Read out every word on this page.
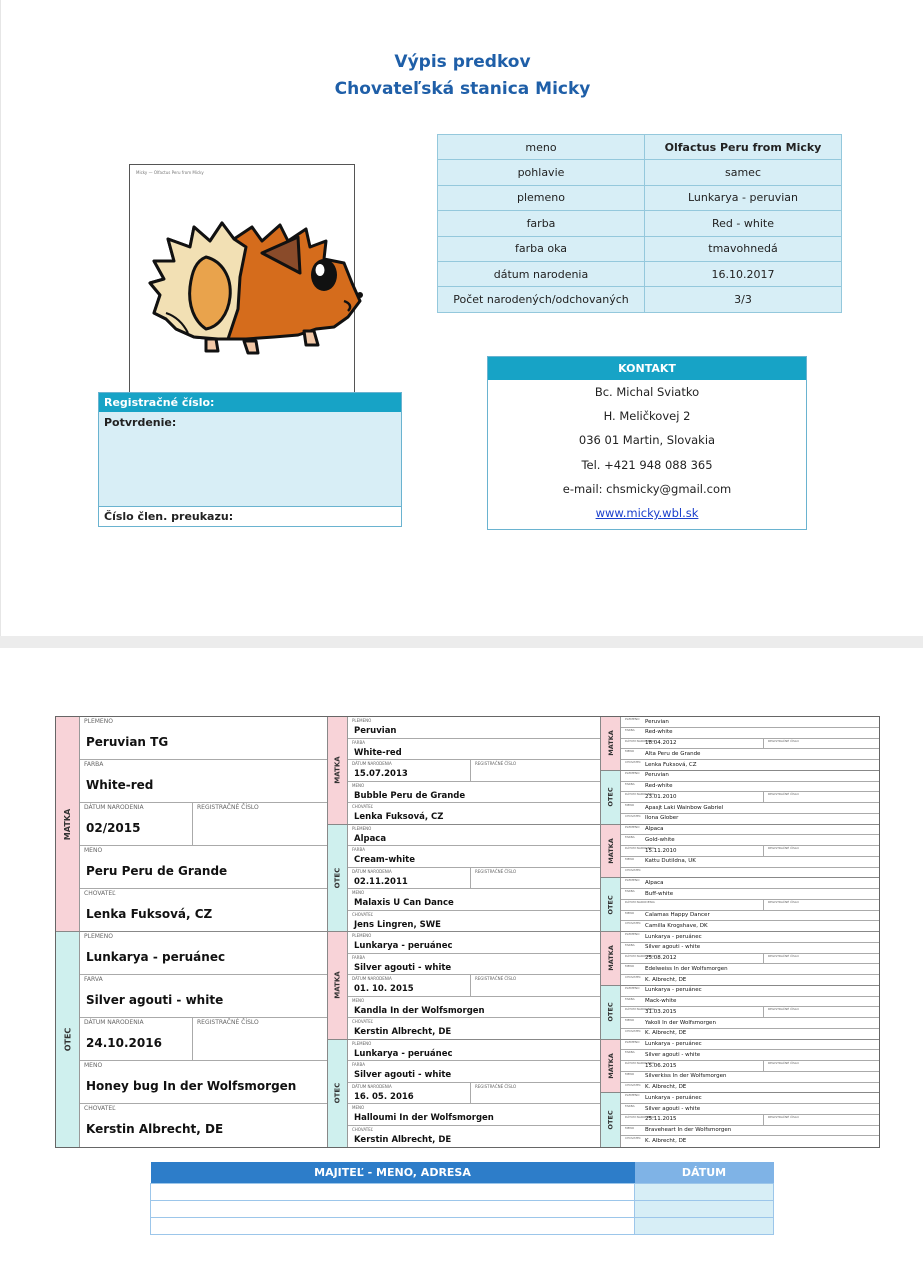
Výpis predkov
Chovateľská stanica Micky
Micky — Olfactus Peru from Micky
meno	Olfactus Peru from Micky
pohlavie	samec
plemeno	Lunkarya - peruvian
farba	Red - white
farba oka	tmavohnedá
dátum narodenia	16.10.2017
Počet narodených/odchovaných	3/3
Registračné číslo:
Potvrdenie:
Číslo člen. preukazu:
KONTAKT
Bc. Michal Sviatko
H. Meličkovej 2
036 01 Martin, Slovakia
Tel. +421 948 088 365
e-mail: chsmicky@gmail.com
www.micky.wbl.sk
MATKA
PLEMENO
Peruvian TG
FARBA
White-red
DÁTUM NARODENIA
02/2015
REGISTRAČNÉ ČÍSLO
MENO
Peru Peru de Grande
CHOVATEĽ
Lenka Fuksová, CZ
OTEC
PLEMENO
Lunkarya - peruánec
FARVA
Silver agouti - white
DÁTUM NARODENIA
24.10.2016
REGISTRAČNÉ ČÍSLO
MENO
Honey bug In der Wolfsmorgen
CHOVATEĽ
Kerstin Albrecht, DE
MATKA
PLEMENO
Peruvian
FARBA
White-red
DÁTUM NARODENIA
15.07.2013
REGISTRAČNÉ ČÍSLO
MENO
Bubble Peru de Grande
CHOVATEĽ
Lenka Fuksová, CZ
OTEC
PLEMENO
Alpaca
FARBA
Cream-white
DÁTUM NARODENIA
02.11.2011
REGISTRAČNÉ ČÍSLO
MENO
Malaxis U Can Dance
CHOVATEĽ
Jens Lingren, SWE
MATKA
PLEMENO
Lunkarya - peruánec
FARBA
Silver agouti - white
DÁTUM NARODENIA
01. 10. 2015
REGISTRAČNÉ ČÍSLO
MENO
Kandla In der Wolfsmorgen
CHOVATEĽ
Kerstin Albrecht, DE
OTEC
PLEMENO
Lunkarya - peruánec
FARBA
Silver agouti - white
DÁTUM NARODENIA
16. 05. 2016
REGISTRAČNÉ ČÍSLO
MENO
Halloumi In der Wolfsmorgen
CHOVATEĽ
Kerstin Albrecht, DE
MATKA
PLEMENO Peruvian
FARBA Red-white
DÁTUM NARODENIA
18.04.2012	REGISTRAČNÉ ČÍSLO
MENO Alta Peru de Grande
CHOVATEĽ Lenka Fuksová, CZ
OTEC
PLEMENO Peruvian
FARBA Red-white
DÁTUM NARODENIA
23.01.2010	REGISTRAČNÉ ČÍSLO
MENO Apasjt Laki Wainbow Gabriel
CHOVATEĽ Ilona Glober
MATKA
PLEMENO Alpaca
FARBA Gold-white
DÁTUM NARODENIA
15.11.2010	REGISTRAČNÉ ČÍSLO
MENO Kattu Dutildna, UK
CHOVATEĽ
OTEC
PLEMENO Alpaca
FARBA Buff-white
DÁTUM NARODENIA	REGISTRAČNÉ ČÍSLO
MENO Calamas Happy Dancer
CHOVATEĽ Camilla Krogshave, DK
MATKA
PLEMENO Lunkarya - peruánec
FARBA Silver agouti - white
DÁTUM NARODENIA
25.08.2012	REGISTRAČNÉ ČÍSLO
MENO Edelweiss In der Wolfsmorgen
CHOVATEĽ K. Albrecht, DE
OTEC
PLEMENO Lunkarya - peruánec
FARBA Mack-white
DÁTUM NARODENIA
31.03.2015	REGISTRAČNÉ ČÍSLO
MENO Yakoli In der Wolfsmorgen
CHOVATEĽ K. Albrecht, DE
MATKA
PLEMENO Lunkarya - peruánec
FARBA Silver agouti - white
DÁTUM NARODENIA
15.06.2015	REGISTRAČNÉ ČÍSLO
MENO Silverkiss In der Wolfsmorgen
CHOVATEĽ K. Albrecht, DE
OTEC
PLEMENO Lunkarya - peruánec
FARBA Silver agouti - white
DÁTUM NARODENIA
25.11.2015	REGISTRAČNÉ ČÍSLO
MENO Braveheart In der Wolfsmorgen
CHOVATEĽ K. Albrecht, DE
MAJITEĽ - MENO, ADRESA	DÁTUM
